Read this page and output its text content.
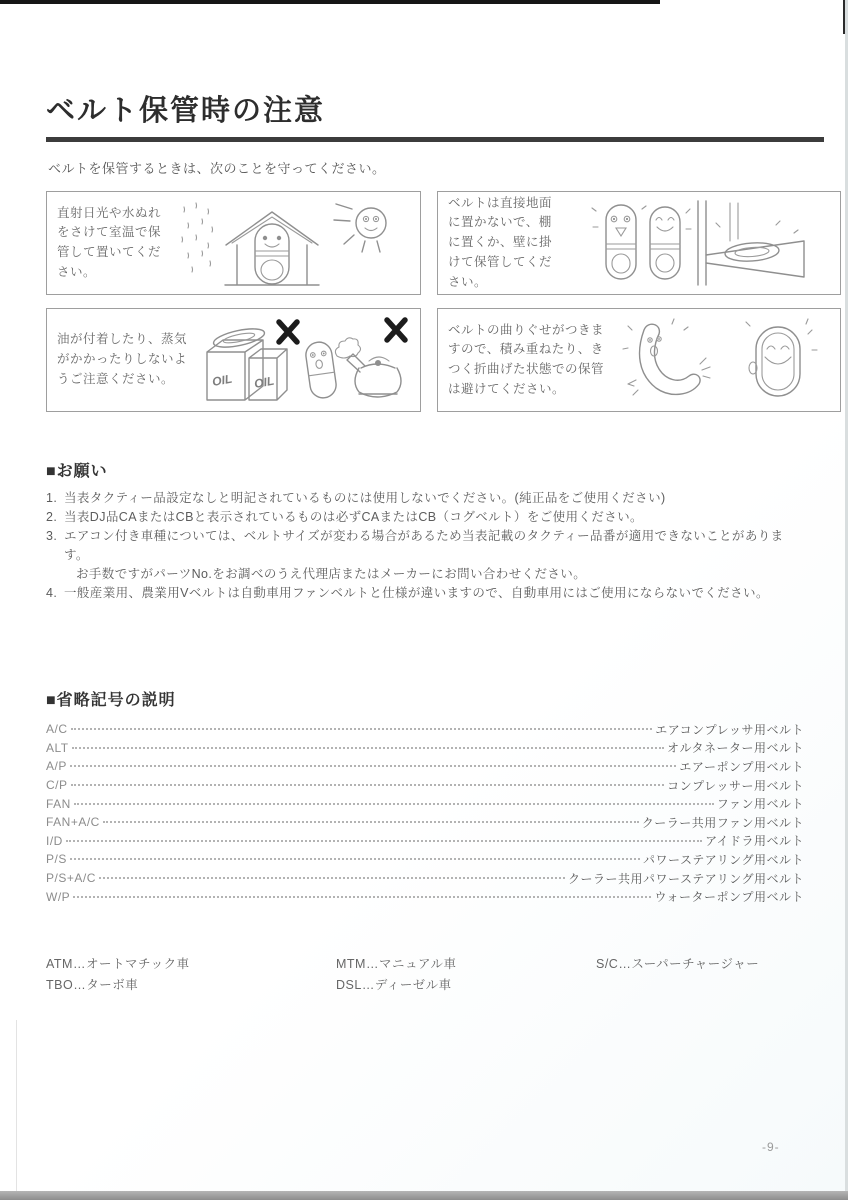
ベルト保管時の注意

ベルトを保管するときは、次のことを守ってください。

直射日光や水ぬれをさけて室温で保管して置いてください。

ベルトは直接地面に置かないで、棚に置くか、壁に掛けて保管してください。

油が付着したり、蒸気がかかったりしないようご注意ください。	OIL OIL

ベルトの曲りぐせがつきますので、積み重ねたり、きつく折曲げた状態での保管は避けてください。

■お願い
1. 当表タクティー品設定なしと明記されているものには使用しないでください。(純正品をご使用ください)
2. 当表DJ品CAまたはCBと表示されているものは必ずCAまたはCB（コグベルト）をご使用ください。
3. エアコン付き車種については、ベルトサイズが変わる場合があるため当表記載のタクティー品番が適用できないことがあります。
お手数ですがパーツNo.をお調べのうえ代理店またはメーカーにお問い合わせください。
4. 一般産業用、農業用Vベルトは自動車用ファンベルトと仕様が違いますので、自動車用にはご使用にならないでください。
■省略記号の説明
A/C	エアコンプレッサ用ベルト
ALT	オルタネーター用ベルト
A/P	エアーポンプ用ベルト
C/P	コンプレッサー用ベルト
FAN	ファン用ベルト
FAN+A/C	クーラー共用ファン用ベルト
I/D	アイドラ用ベルト
P/S	パワーステアリング用ベルト
P/S+A/C	クーラー共用パワーステアリング用ベルト
W/P	ウォーターポンプ用ベルト
ATM…オートマチック車
TBO…ターボ車
MTM…マニュアル車
DSL…ディーゼル車
S/C…スーパーチャージャー
-9-
